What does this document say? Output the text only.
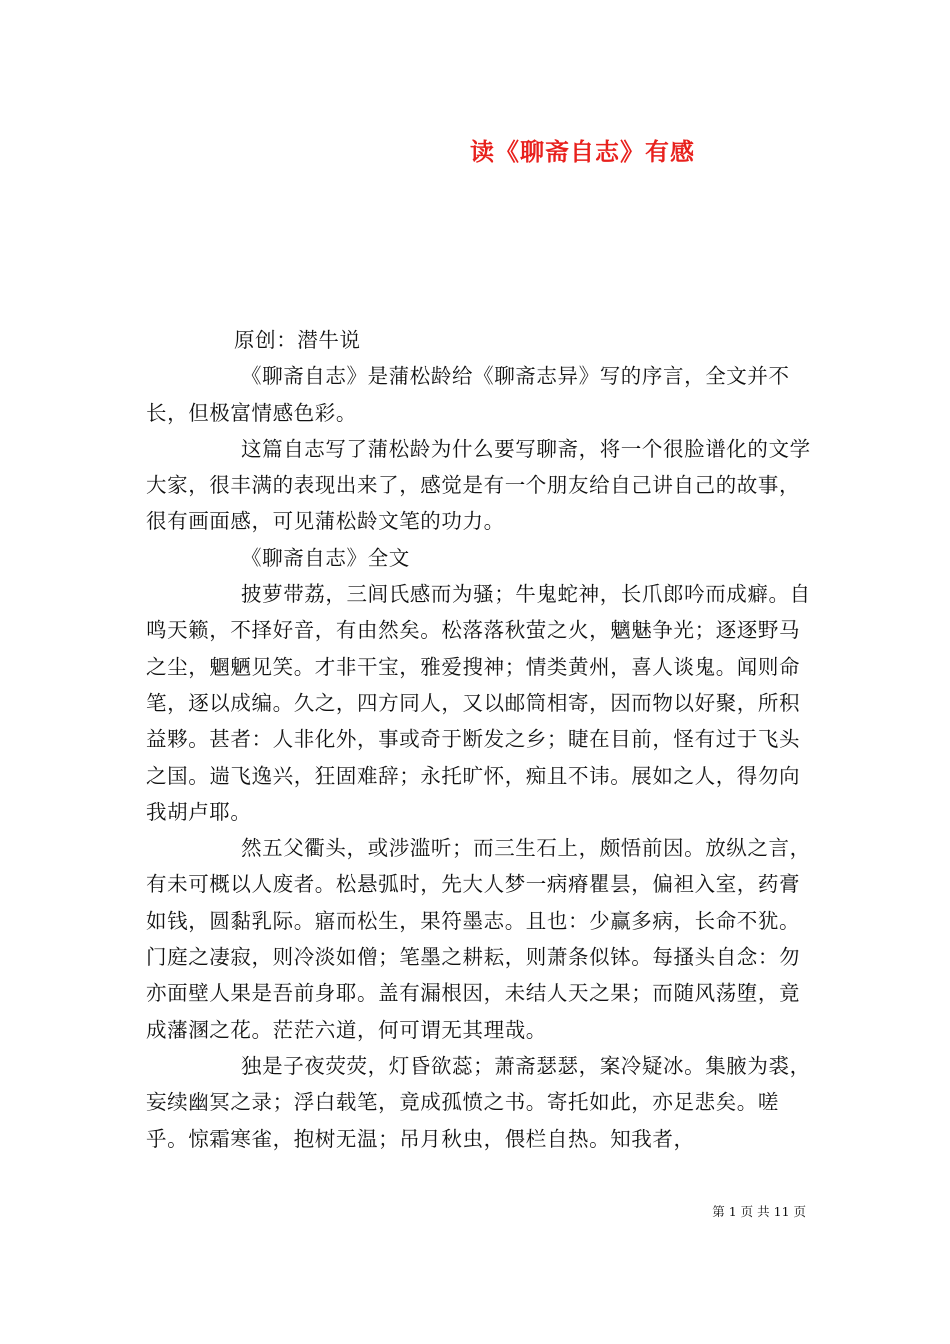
读《聊斋自志》有感

原创：潜牛说

《聊斋自志》是蒲松龄给《聊斋志异》写的序言，全文并不长，但极富情感色彩。

这篇自志写了蒲松龄为什么要写聊斋，将一个很脸谱化的文学大家，很丰满的表现出来了，感觉是有一个朋友给自己讲自己的故事，很有画面感，可见蒲松龄文笔的功力。

《聊斋自志》全文

披萝带荔，三闾氏感而为骚；牛鬼蛇神，长爪郎吟而成癖。自鸣天籁，不择好音，有由然矣。松落落秋萤之火，魑魅争光；逐逐野马之尘，魍魉见笑。才非干宝，雅爱搜神；情类黄州，喜人谈鬼。闻则命笔，逐以成编。久之，四方同人，又以邮筒相寄，因而物以好聚，所积益夥。甚者：人非化外，事或奇于断发之乡；睫在目前，怪有过于飞头之国。遄飞逸兴，狂固难辞；永托旷怀，痴且不讳。展如之人，得勿向我胡卢耶。

然五父衢头，或涉滥听；而三生石上，颇悟前因。放纵之言，有未可概以人废者。松悬弧时，先大人梦一病瘠瞿昙，偏袒入室，药膏如钱，圆黏乳际。寤而松生，果符墨志。且也：少赢多病，长命不犹。门庭之凄寂，则冷淡如僧；笔墨之耕耘，则萧条似钵。每搔头自念：勿亦面壁人果是吾前身耶。盖有漏根因，未结人天之果；而随风荡堕，竟成藩溷之花。茫茫六道，何可谓无其理哉。

独是子夜荧荧，灯昏欲蕊；萧斋瑟瑟，案冷疑冰。集腋为裘，妄续幽冥之录；浮白载笔，竟成孤愤之书。寄托如此，亦足悲矣。嗟乎。惊霜寒雀，抱树无温；吊月秋虫，偎栏自热。知我者，

第 1 页 共 11 页
